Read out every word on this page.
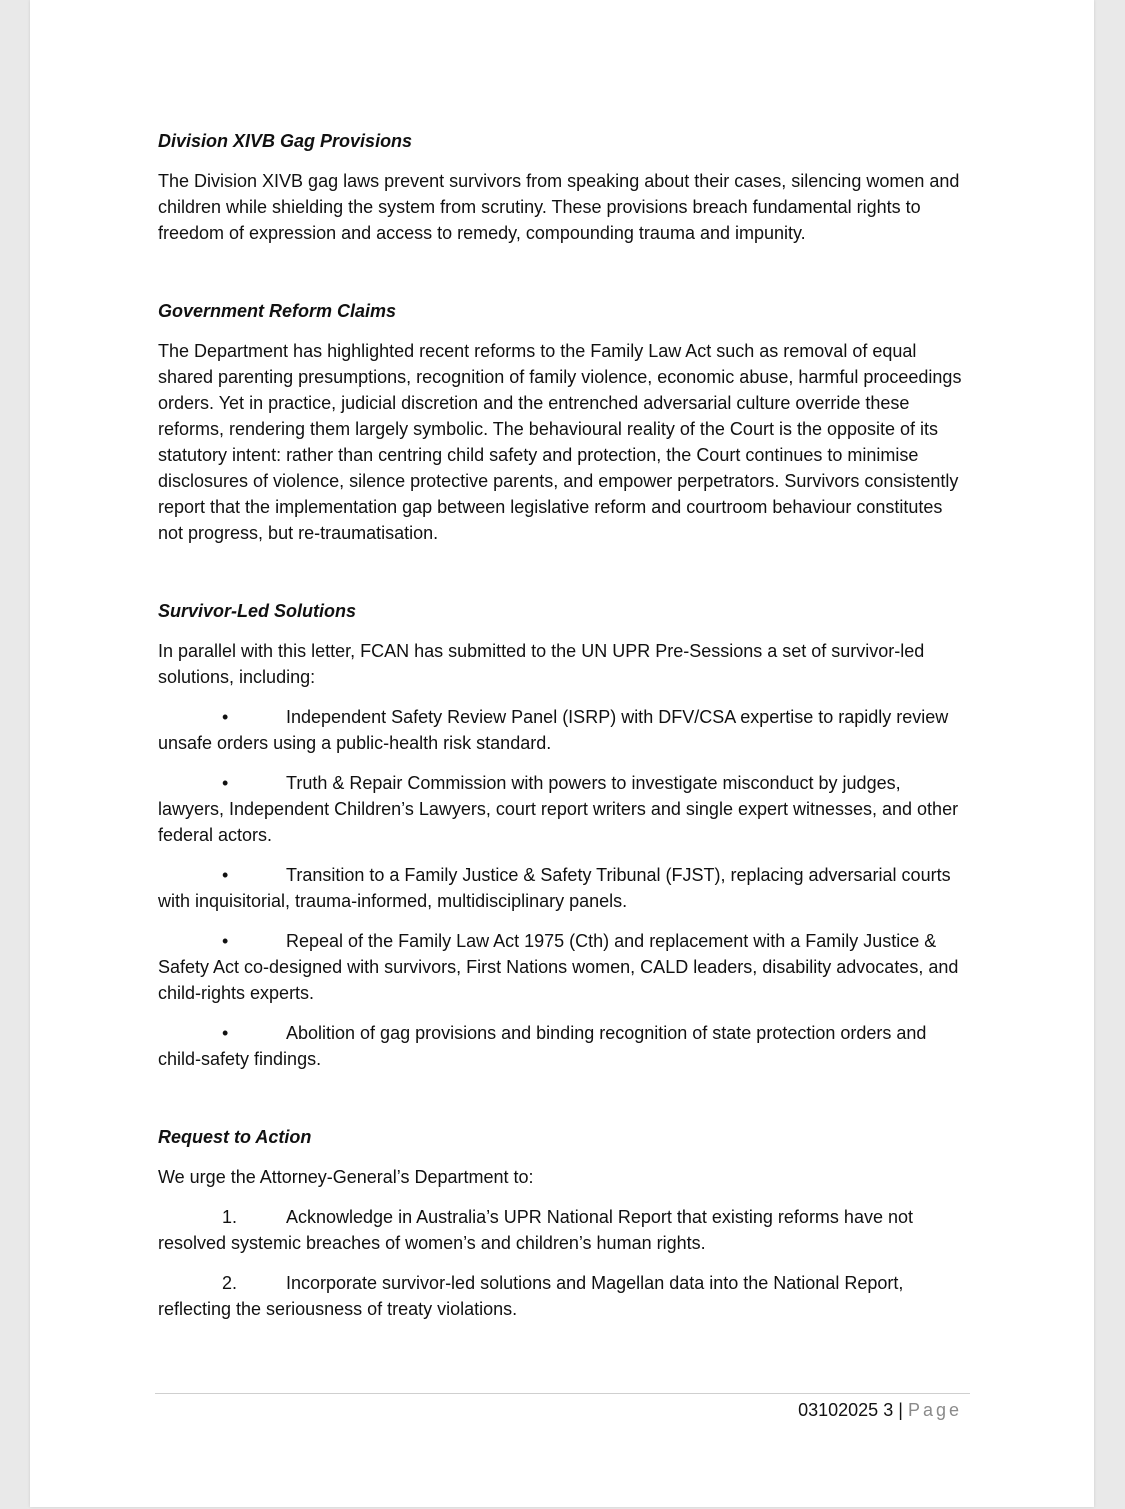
Division XIVB Gag Provisions

The Division XIVB gag laws prevent survivors from speaking about their cases, silencing women and children while shielding the system from scrutiny. These provisions breach fundamental rights to freedom of expression and access to remedy, compounding trauma and impunity.

Government Reform Claims

The Department has highlighted recent reforms to the Family Law Act such as removal of equal shared parenting presumptions, recognition of family violence, economic abuse, harmful proceedings orders. Yet in practice, judicial discretion and the entrenched adversarial culture override these reforms, rendering them largely symbolic. The behavioural reality of the Court is the opposite of its statutory intent: rather than centring child safety and protection, the Court continues to minimise disclosures of violence, silence protective parents, and empower perpetrators. Survivors consistently report that the implementation gap between legislative reform and courtroom behaviour constitutes not progress, but re-traumatisation.

Survivor-Led Solutions

In parallel with this letter, FCAN has submitted to the UN UPR Pre-Sessions a set of survivor-led solutions, including:

•	Independent Safety Review Panel (ISRP) with DFV/CSA expertise to rapidly review unsafe orders using a public-health risk standard.

•	Truth & Repair Commission with powers to investigate misconduct by judges, lawyers, Independent Children’s Lawyers, court report writers and single expert witnesses, and other federal actors.

•	Transition to a Family Justice & Safety Tribunal (FJST), replacing adversarial courts with inquisitorial, trauma-informed, multidisciplinary panels.

•	Repeal of the Family Law Act 1975 (Cth) and replacement with a Family Justice & Safety Act co-designed with survivors, First Nations women, CALD leaders, disability advocates, and child-rights experts.

•	Abolition of gag provisions and binding recognition of state protection orders and child-safety findings.

Request to Action

We urge the Attorney-General’s Department to:

1.	Acknowledge in Australia’s UPR National Report that existing reforms have not resolved systemic breaches of women’s and children’s human rights.

2.	Incorporate survivor-led solutions and Magellan data into the National Report, reflecting the seriousness of treaty violations.

03102025 3 | Page
